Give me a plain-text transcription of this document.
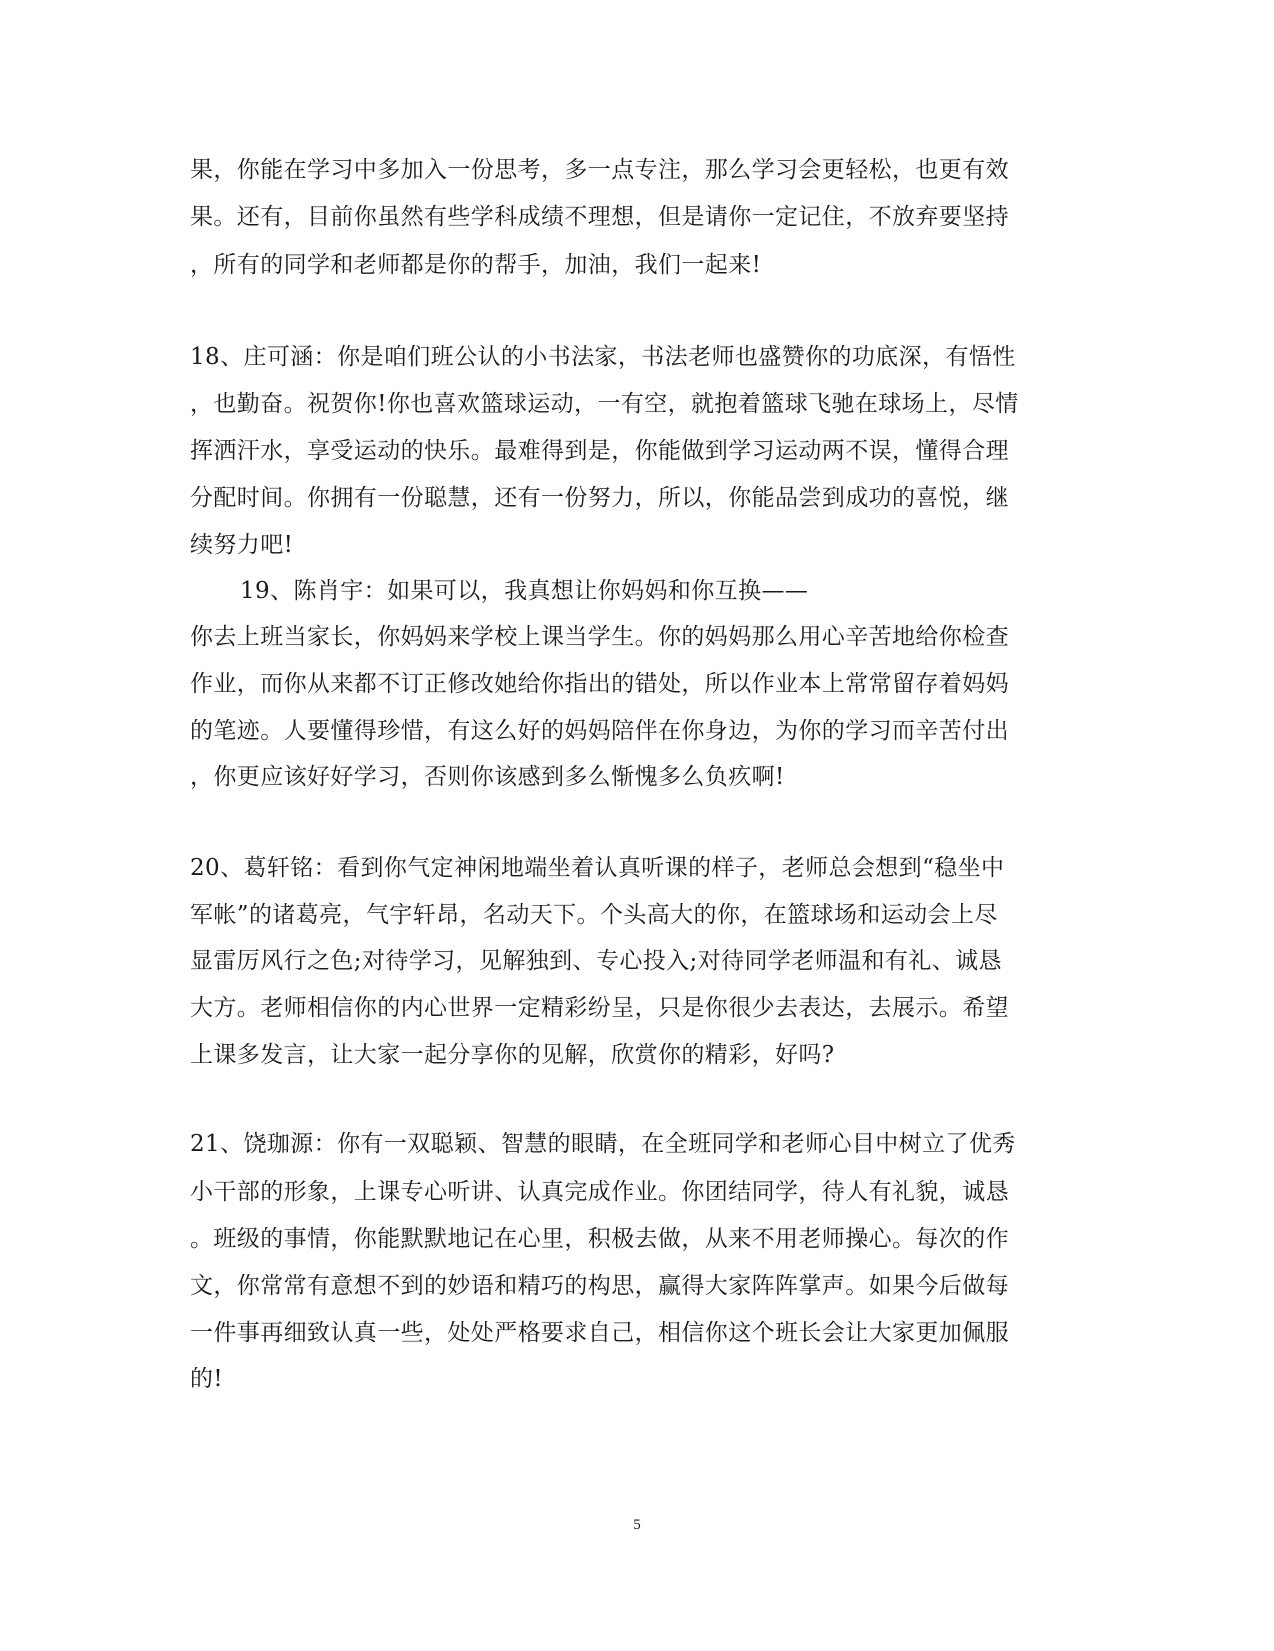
果，你能在学习中多加入一份思考，多一点专注，那么学习会更轻松，也更有效
果。还有，目前你虽然有些学科成绩不理想，但是请你一定记住，不放弃要坚持
，所有的同学和老师都是你的帮手，加油，我们一起来!
18、庄可涵：你是咱们班公认的小书法家，书法老师也盛赞你的功底深，有悟性
，也勤奋。祝贺你!你也喜欢篮球运动，一有空，就抱着篮球飞驰在球场上，尽情
挥洒汗水，享受运动的快乐。最难得到是，你能做到学习运动两不误，懂得合理
分配时间。你拥有一份聪慧，还有一份努力，所以，你能品尝到成功的喜悦，继
续努力吧!
19、陈肖宇：如果可以，我真想让你妈妈和你互换——
你去上班当家长，你妈妈来学校上课当学生。你的妈妈那么用心辛苦地给你检查
作业，而你从来都不订正修改她给你指出的错处，所以作业本上常常留存着妈妈
的笔迹。人要懂得珍惜，有这么好的妈妈陪伴在你身边，为你的学习而辛苦付出
，你更应该好好学习，否则你该感到多么惭愧多么负疚啊!
20、葛轩铭：看到你气定神闲地端坐着认真听课的样子，老师总会想到“稳坐中
军帐”的诸葛亮，气宇轩昂，名动天下。个头高大的你，在篮球场和运动会上尽
显雷厉风行之色;对待学习，见解独到、专心投入;对待同学老师温和有礼、诚恳
大方。老师相信你的内心世界一定精彩纷呈，只是你很少去表达，去展示。希望
上课多发言，让大家一起分享你的见解，欣赏你的精彩，好吗?
21、饶珈源：你有一双聪颖、智慧的眼睛，在全班同学和老师心目中树立了优秀
小干部的形象，上课专心听讲、认真完成作业。你团结同学，待人有礼貌，诚恳
。班级的事情，你能默默地记在心里，积极去做，从来不用老师操心。每次的作
文，你常常有意想不到的妙语和精巧的构思，赢得大家阵阵掌声。如果今后做每
一件事再细致认真一些，处处严格要求自己，相信你这个班长会让大家更加佩服
的!
5
